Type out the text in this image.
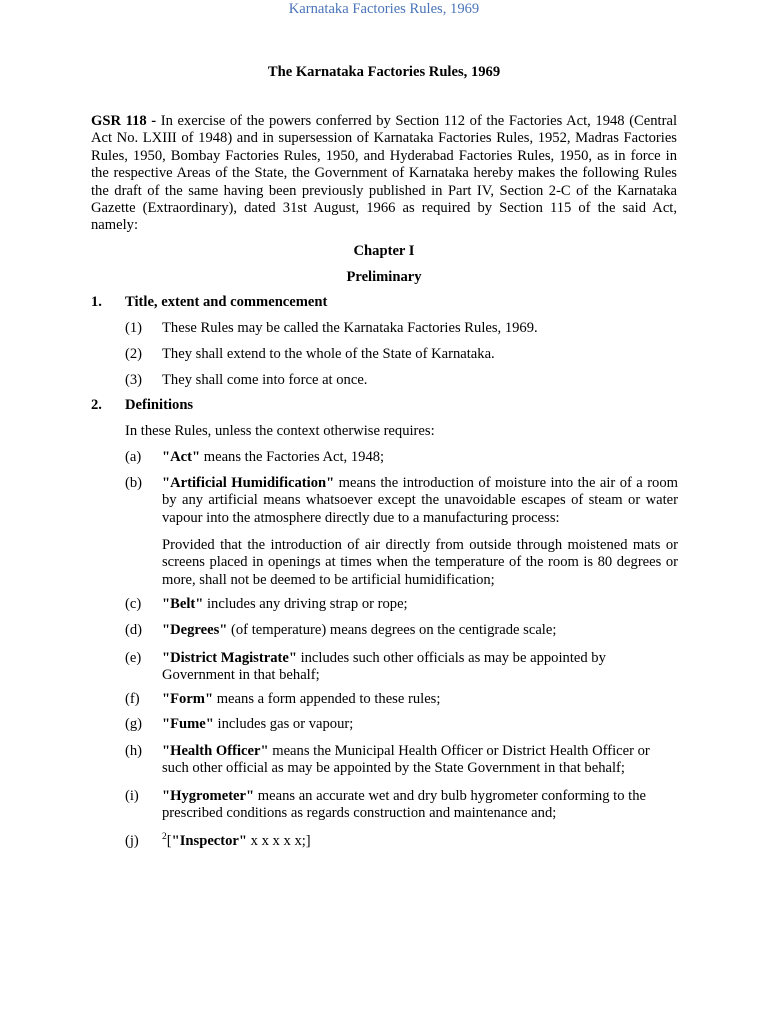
Karnataka Factories Rules, 1969
The Karnataka Factories Rules, 1969
GSR 118 - In exercise of the powers conferred by Section 112 of the Factories Act, 1948 (Central Act No. LXIII of 1948) and in supersession of Karnataka Factories Rules, 1952, Madras Factories Rules, 1950, Bombay Factories Rules, 1950, and Hyderabad Factories Rules, 1950, as in force in the respective Areas of the State, the Government of Karnataka hereby makes the following Rules the draft of the same having been previously published in Part IV, Section 2-C of the Karnataka Gazette (Extraordinary), dated 31st August, 1966 as required by Section 115 of the said Act, namely:
Chapter I
Preliminary
1. Title, extent and commencement
(1) These Rules may be called the Karnataka Factories Rules, 1969.
(2) They shall extend to the whole of the State of Karnataka.
(3) They shall come into force at once.
2. Definitions
In these Rules, unless the context otherwise requires:
(a) "Act" means the Factories Act, 1948;
(b) "Artificial Humidification" means the introduction of moisture into the air of a room by any artificial means whatsoever except the unavoidable escapes of steam or water vapour into the atmosphere directly due to a manufacturing process:
Provided that the introduction of air directly from outside through moistened mats or screens placed in openings at times when the temperature of the room is 80 degrees or more, shall not be deemed to be artificial humidification;
(c) "Belt" includes any driving strap or rope;
(d) "Degrees" (of temperature) means degrees on the centigrade scale;
(e) "District Magistrate" includes such other officials as may be appointed by Government in that behalf;
(f) "Form" means a form appended to these rules;
(g) "Fume" includes gas or vapour;
(h) "Health Officer" means the Municipal Health Officer or District Health Officer or such other official as may be appointed by the State Government in that behalf;
(i) "Hygrometer" means an accurate wet and dry bulb hygrometer conforming to the prescribed conditions as regards construction and maintenance and;
(j) $^2$["Inspector" x x x x x;]
